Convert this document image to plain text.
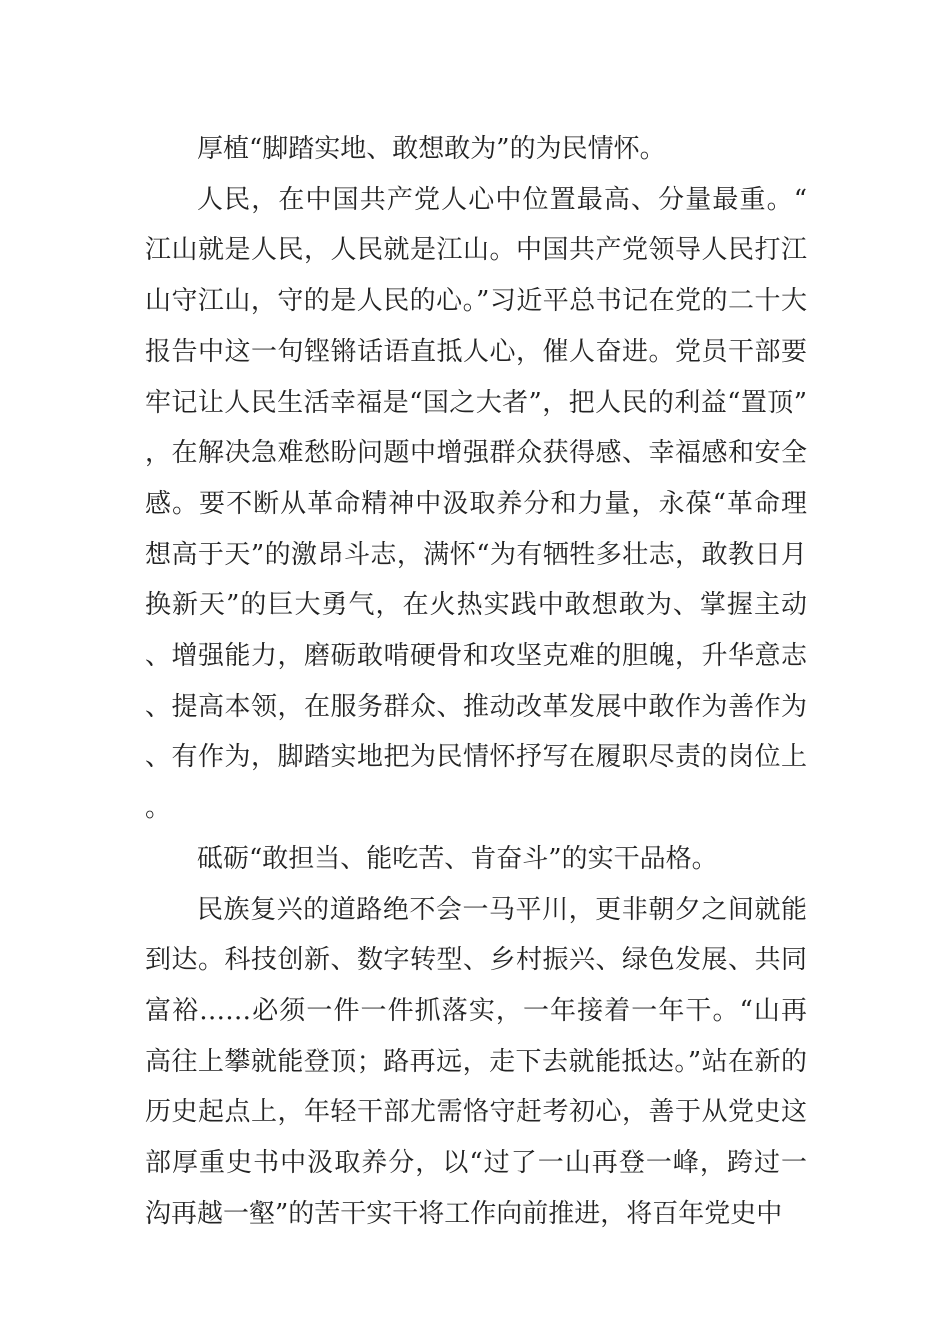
厚植“脚踏实地、敢想敢为”的为民情怀。

人民，在中国共产党人心中位置最高、分量最重。“江山就是人民，人民就是江山。中国共产党领导人民打江山守江山，守的是人民的心。”习近平总书记在党的二十大报告中这一句铿锵话语直抵人心，催人奋进。党员干部要牢记让人民生活幸福是“国之大者”，把人民的利益“置顶”，在解决急难愁盼问题中增强群众获得感、幸福感和安全感。要不断从革命精神中汲取养分和力量，永葆“革命理想高于天”的激昂斗志，满怀“为有牺牲多壮志，敢教日月换新天”的巨大勇气，在火热实践中敢想敢为、掌握主动、增强能力，磨砺敢啃硬骨和攻坚克难的胆魄，升华意志、提高本领，在服务群众、推动改革发展中敢作为善作为、有作为，脚踏实地把为民情怀抒写在履职尽责的岗位上。

砥砺“敢担当、能吃苦、肯奋斗”的实干品格。

民族复兴的道路绝不会一马平川，更非朝夕之间就能到达。科技创新、数字转型、乡村振兴、绿色发展、共同富裕……必须一件一件抓落实，一年接着一年干。“山再高往上攀就能登顶；路再远，走下去就能抵达。”站在新的历史起点上，年轻干部尤需恪守赶考初心，善于从党史这部厚重史书中汲取养分，以“过了一山再登一峰，跨过一沟再越一壑”的苦干实干将工作向前推进，将百年党史中
